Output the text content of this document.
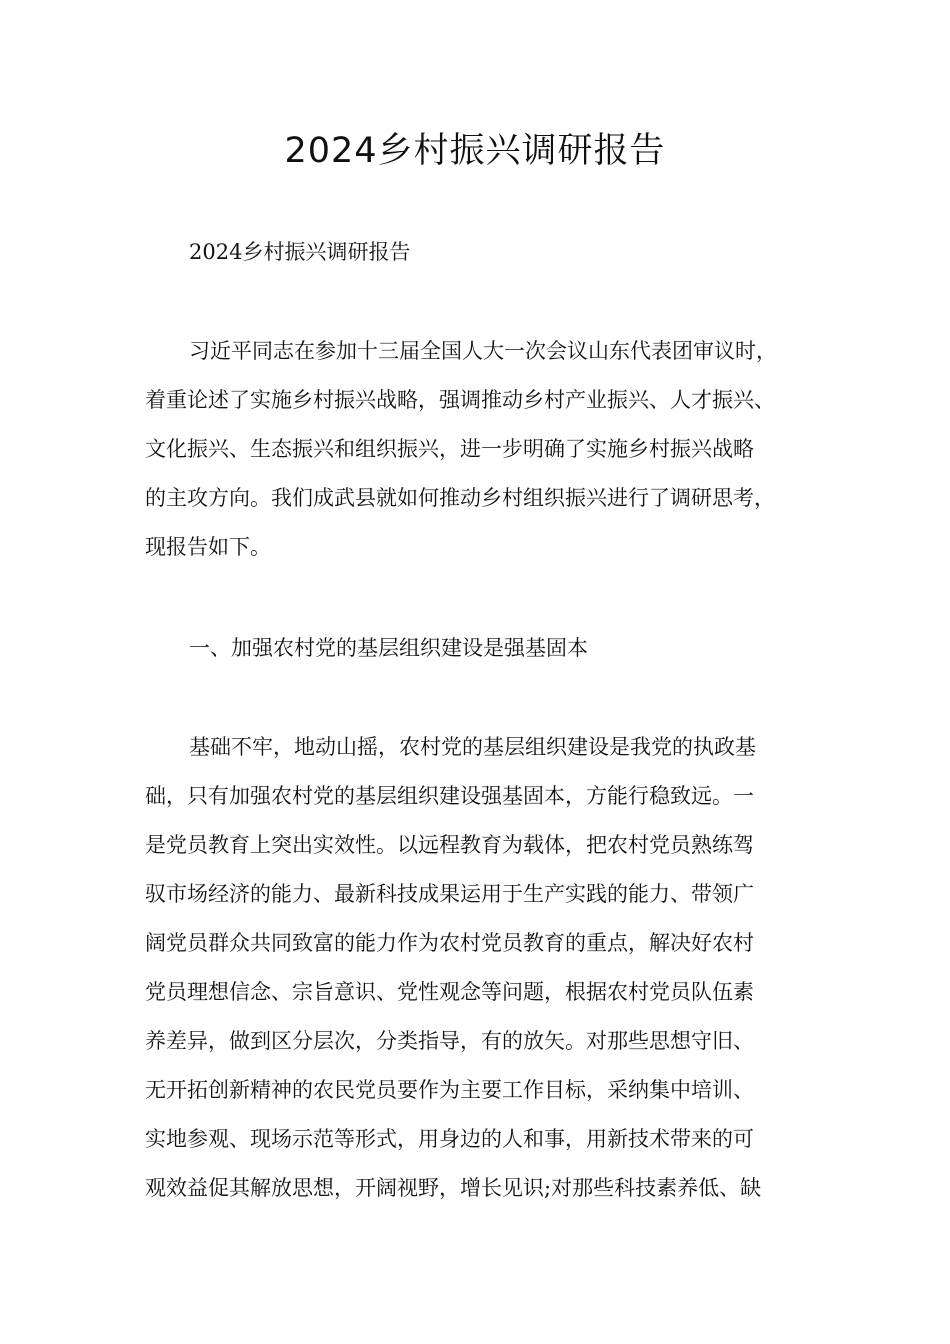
2024乡村振兴调研报告
2024乡村振兴调研报告
习近平同志在参加十三届全国人大一次会议山东代表团审议时，
着重论述了实施乡村振兴战略，强调推动乡村产业振兴、人才振兴、
文化振兴、生态振兴和组织振兴，进一步明确了实施乡村振兴战略
的主攻方向。我们成武县就如何推动乡村组织振兴进行了调研思考，
现报告如下。
一、加强农村党的基层组织建设是强基固本
基础不牢，地动山摇，农村党的基层组织建设是我党的执政基
础，只有加强农村党的基层组织建设强基固本，方能行稳致远。一
是党员教育上突出实效性。以远程教育为载体，把农村党员熟练驾
驭市场经济的能力、最新科技成果运用于生产实践的能力、带领广
阔党员群众共同致富的能力作为农村党员教育的重点，解决好农村
党员理想信念、宗旨意识、党性观念等问题，根据农村党员队伍素
养差异，做到区分层次，分类指导，有的放矢。对那些思想守旧、
无开拓创新精神的农民党员要作为主要工作目标，采纳集中培训、
实地参观、现场示范等形式，用身边的人和事，用新技术带来的可
观效益促其解放思想，开阔视野，增长见识;对那些科技素养低、缺
